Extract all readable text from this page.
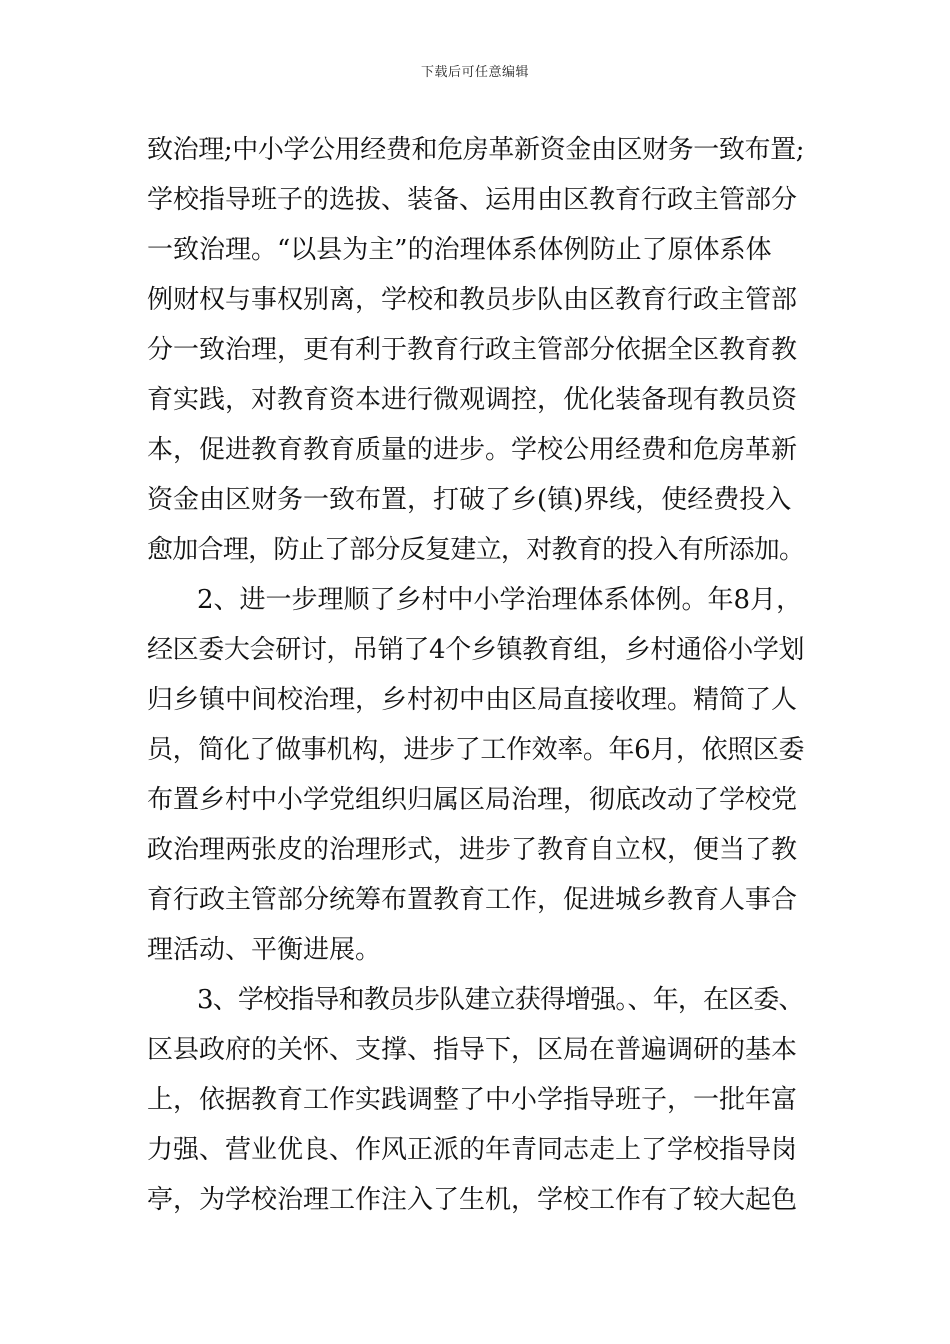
下载后可任意编辑
致治理;中小学公用经费和危房革新资金由区财务一致布置;
学校指导班子的选拔、装备、运用由区教育行政主管部分
一致治理。“以县为主”的治理体系体例防止了原体系体
例财权与事权别离，学校和教员步队由区教育行政主管部
分一致治理，更有利于教育行政主管部分依据全区教育教
育实践，对教育资本进行微观调控，优化装备现有教员资
本，促进教育教育质量的进步。学校公用经费和危房革新
资金由区财务一致布置，打破了乡(镇)界线，使经费投入
愈加合理，防止了部分反复建立，对教育的投入有所添加。
2、进一步理顺了乡村中小学治理体系体例。年8月，
经区委大会研讨，吊销了4个乡镇教育组，乡村通俗小学划
归乡镇中间校治理，乡村初中由区局直接收理。精简了人
员，简化了做事机构，进步了工作效率。年6月，依照区委
布置乡村中小学党组织归属区局治理，彻底改动了学校党
政治理两张皮的治理形式，进步了教育自立权，便当了教
育行政主管部分统筹布置教育工作，促进城乡教育人事合
理活动、平衡进展。
3、学校指导和教员步队建立获得增强。、年，在区委、
区县政府的关怀、支撑、指导下，区局在普遍调研的基本
上，依据教育工作实践调整了中小学指导班子，一批年富
力强、营业优良、作风正派的年青同志走上了学校指导岗
亭，为学校治理工作注入了生机，学校工作有了较大起色
